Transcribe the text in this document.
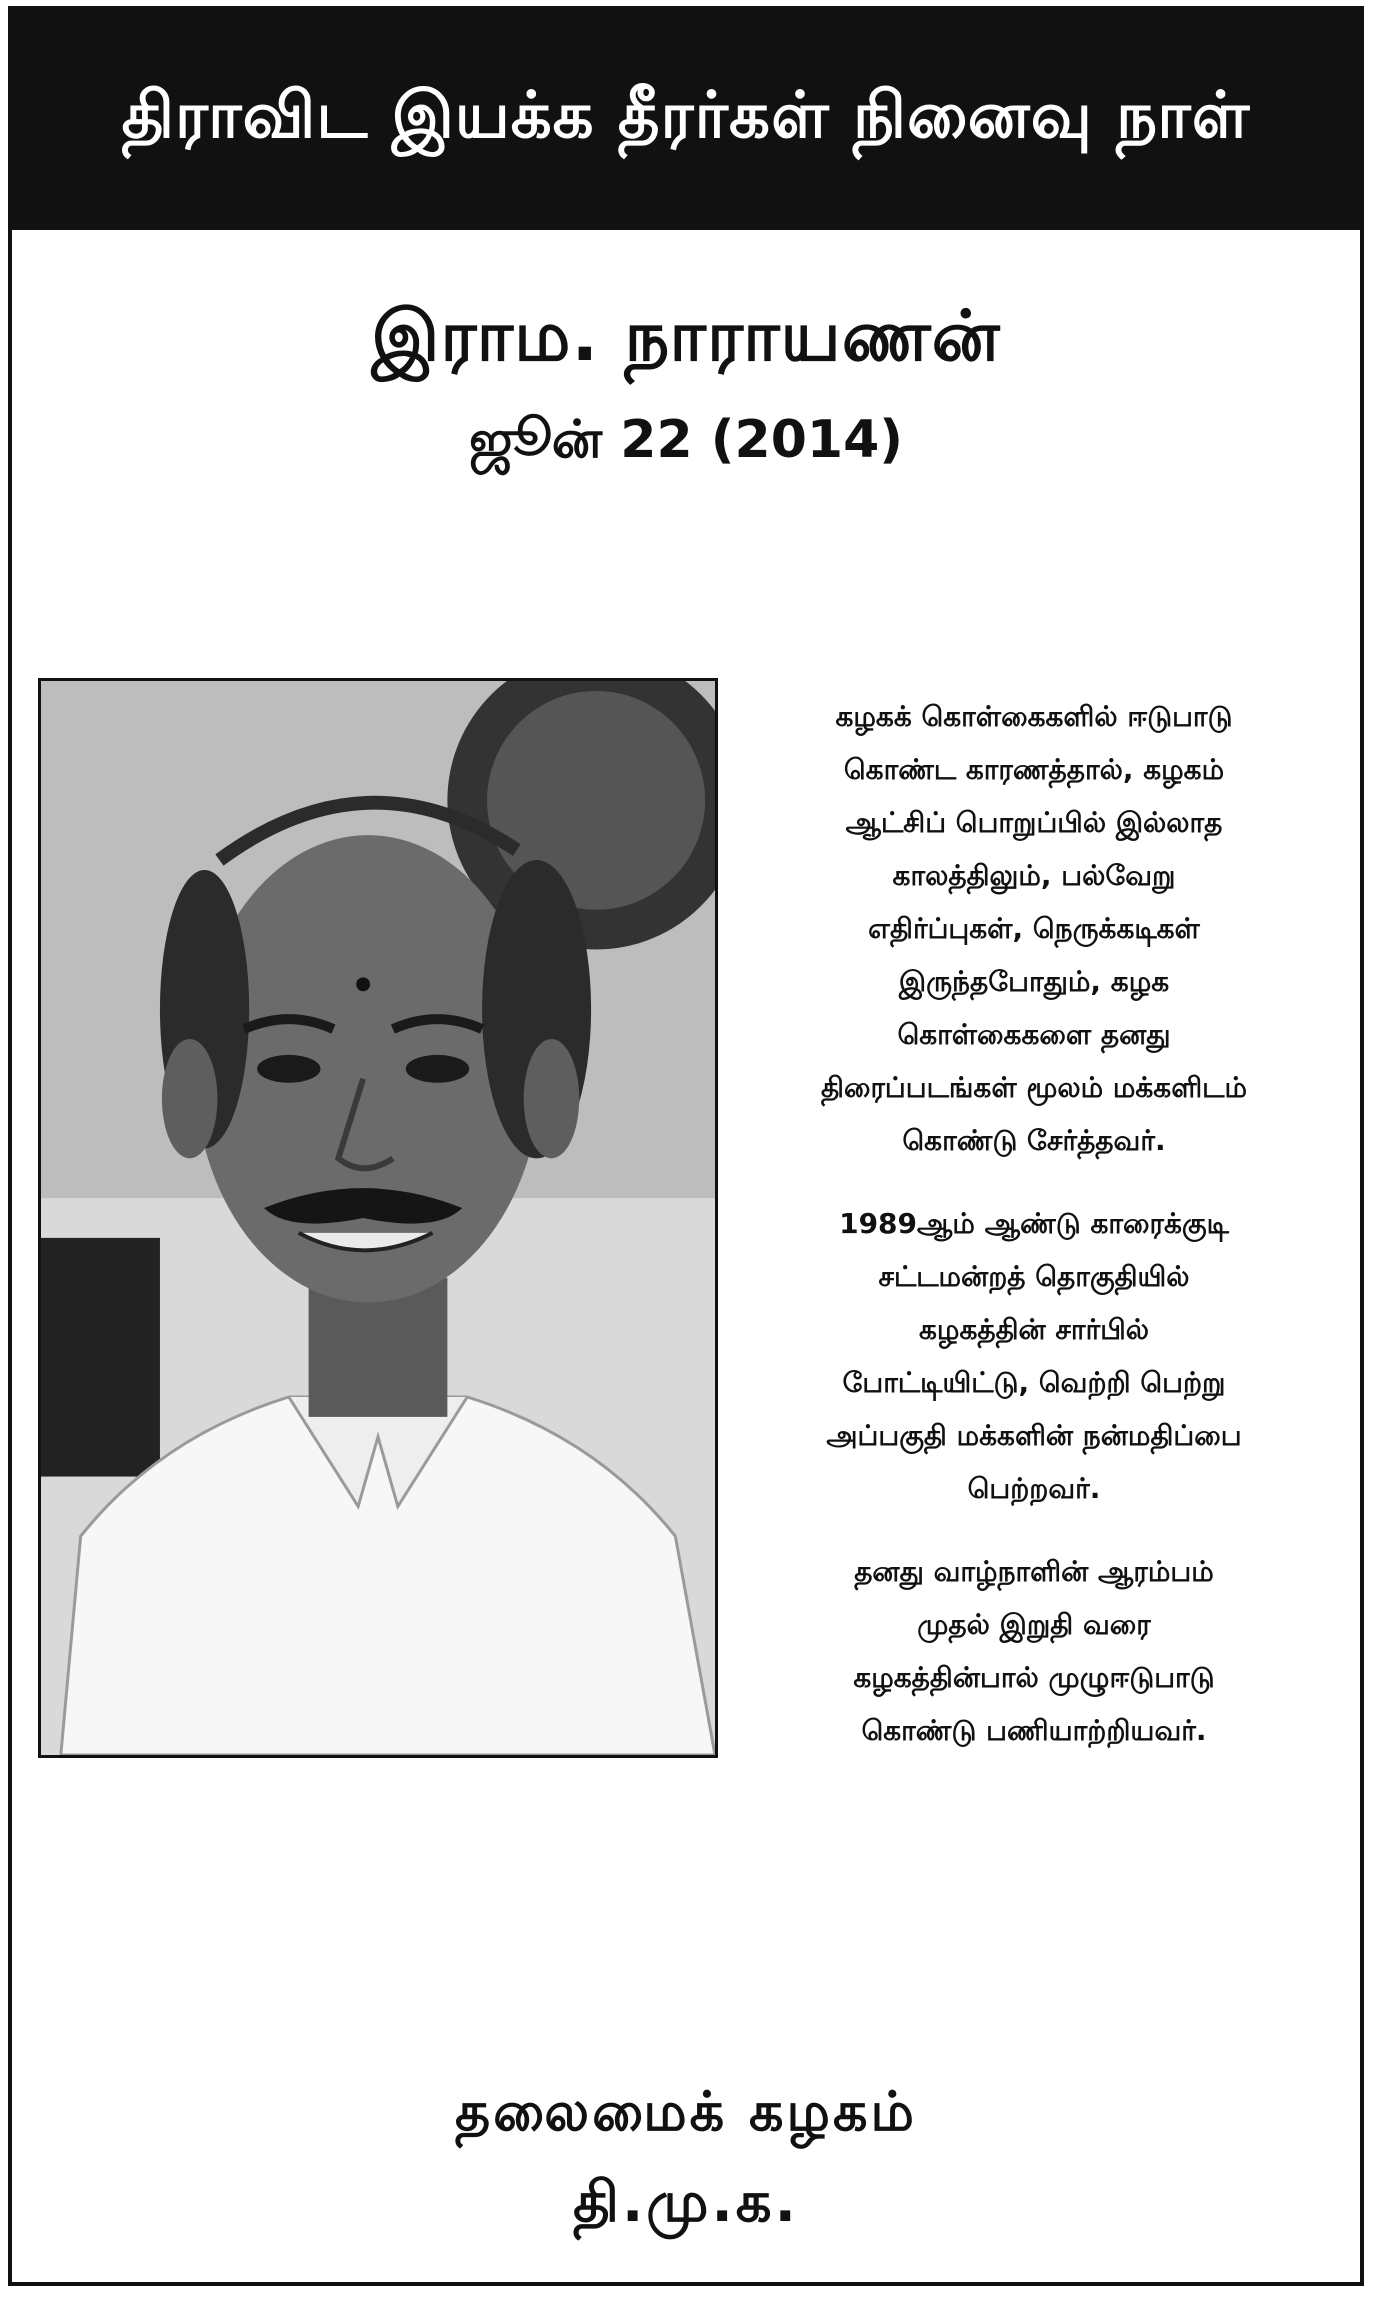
திராவிட இயக்க தீரர்கள் நினைவு நாள்
இராம. நாராயணன்
ஜூன் 22 (2014)

கழகக் கொள்கைகளில் ஈடுபாடு
கொண்ட காரணத்தால், கழகம்
ஆட்சிப் பொறுப்பில் இல்லாத
காலத்திலும், பல்வேறு
எதிர்ப்புகள், நெருக்கடிகள்
இருந்தபோதும், கழக
கொள்கைகளை தனது
திரைப்படங்கள் மூலம் மக்களிடம்
கொண்டு சேர்த்தவர்.

1989ஆம் ஆண்டு காரைக்குடி
சட்டமன்றத் தொகுதியில்
கழகத்தின் சார்பில்
போட்டியிட்டு, வெற்றி பெற்று
அப்பகுதி மக்களின் நன்மதிப்பை
பெற்றவர்.

தனது வாழ்நாளின் ஆரம்பம்
முதல் இறுதி வரை
கழகத்தின்பால் முழுஈடுபாடு
கொண்டு பணியாற்றியவர்.

தலைமைக் கழகம்
தி.மு.க.
